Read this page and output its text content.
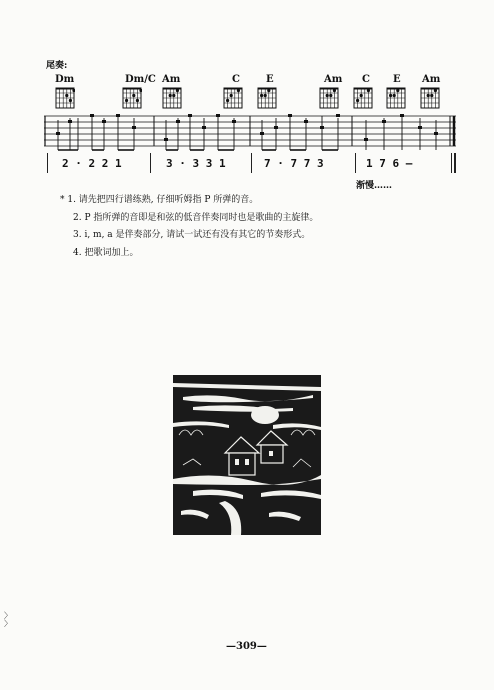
尾奏:
Dm	Dm/C Am	C	E	Am C E Am
2 · 2 2 1	3 · 3 3 1	7 · 7 7 3	1 7 6 –
渐慢……

* 1. 请先把四行谱练熟, 仔细听姆指 P 所弹的音。

2. P 指所弹的音即是和弦的低音伴奏同时也是歌曲的主旋律。

3. i, m, a 是伴奏部分, 请试一试还有没有其它的节奏形式。

4. 把歌词加上。

—309—
〉
〉
